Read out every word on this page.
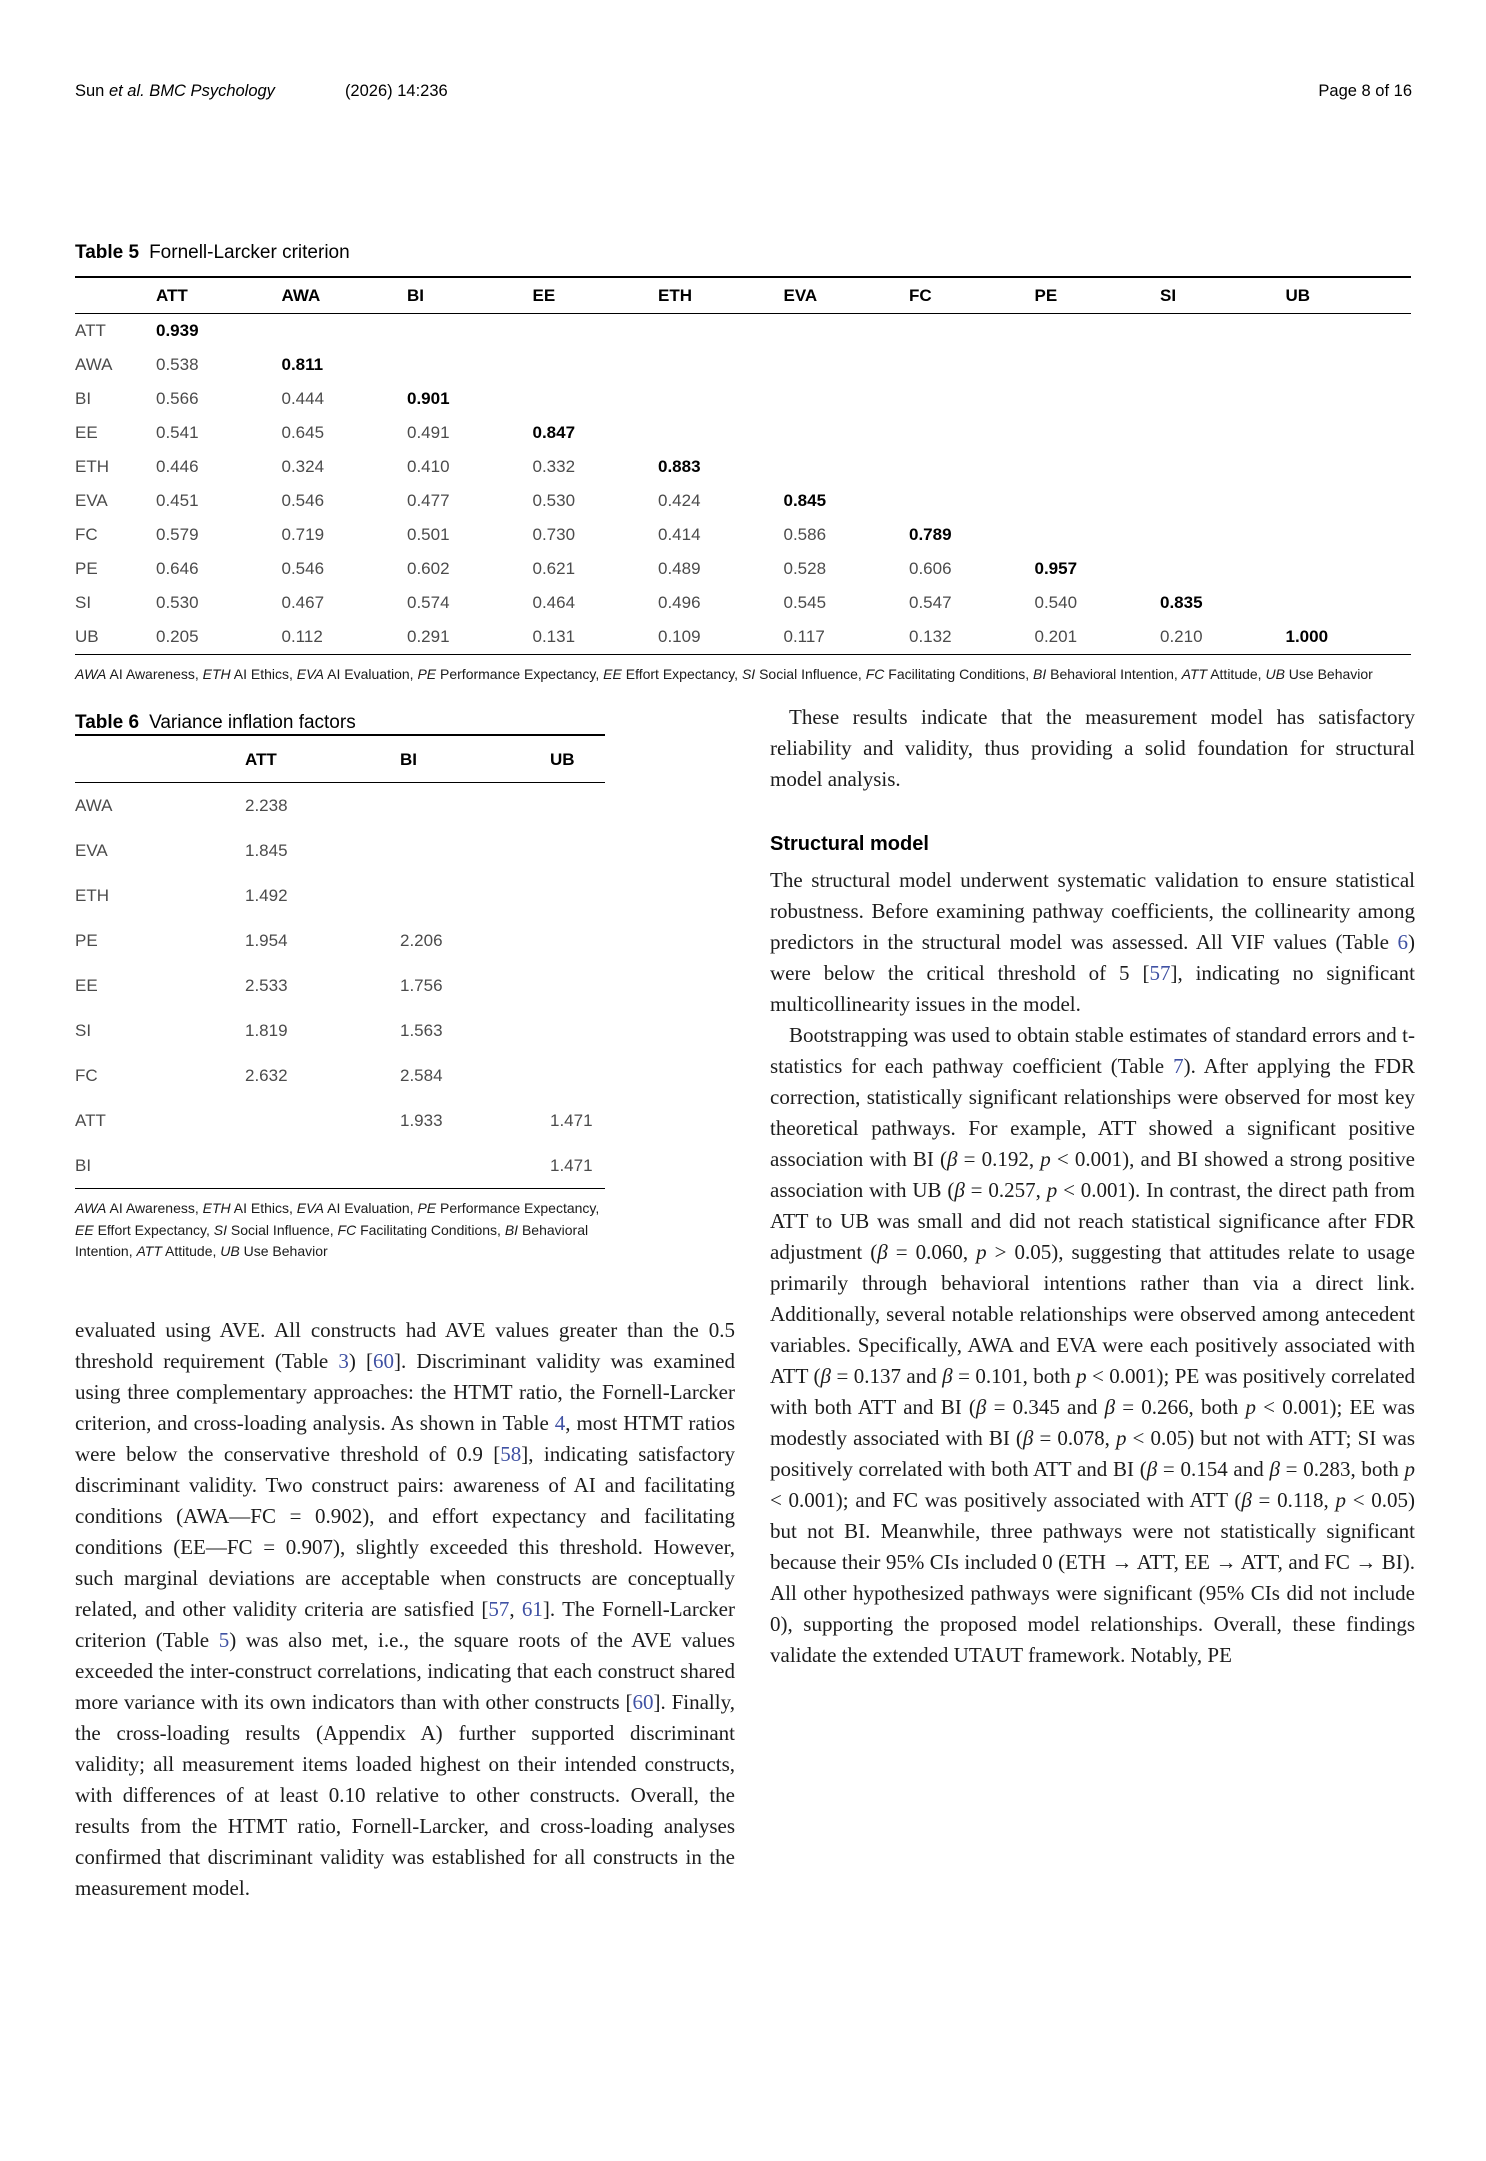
Sun et al. BMC Psychology	(2026) 14:236	Page 8 of 16

Table 5 Fornell-Larcker criterion

	ATT	AWA	BI	EE	ETH	EVA	FC	PE	SI	UB
ATT	0.939									
AWA	0.538	0.811								
BI	0.566	0.444	0.901							
EE	0.541	0.645	0.491	0.847						
ETH	0.446	0.324	0.410	0.332	0.883					
EVA	0.451	0.546	0.477	0.530	0.424	0.845				
FC	0.579	0.719	0.501	0.730	0.414	0.586	0.789			
PE	0.646	0.546	0.602	0.621	0.489	0.528	0.606	0.957		
SI	0.530	0.467	0.574	0.464	0.496	0.545	0.547	0.540	0.835	
UB	0.205	0.112	0.291	0.131	0.109	0.117	0.132	0.201	0.210	1.000
AWA AI Awareness, ETH AI Ethics, EVA AI Evaluation, PE Performance Expectancy, EE Effort Expectancy, SI Social Influence, FC Facilitating Conditions, BI Behavioral Intention, ATT Attitude, UB Use Behavior

Table 6 Variance inflation factors

	ATT	BI	UB
AWA	2.238		
EVA	1.845		
ETH	1.492		
PE	1.954	2.206	
EE	2.533	1.756	
SI	1.819	1.563	
FC	2.632	2.584	
ATT		1.933	1.471
BI			1.471
AWA AI Awareness, ETH AI Ethics, EVA AI Evaluation, PE Performance Expectancy, EE Effort Expectancy, SI Social Influence, FC Facilitating Conditions, BI Behavioral Intention, ATT Attitude, UB Use Behavior

evaluated using AVE. All constructs had AVE values greater than the 0.5 threshold requirement (Table 3) [60]. Discriminant validity was examined using three complementary approaches: the HTMT ratio, the Fornell-Larcker criterion, and cross-loading analysis. As shown in Table 4, most HTMT ratios were below the conservative threshold of 0.9 [58], indicating satisfactory discriminant validity. Two construct pairs: awareness of AI and facilitating conditions (AWA—FC = 0.902), and effort expectancy and facilitating conditions (EE—FC = 0.907), slightly exceeded this threshold. However, such marginal deviations are acceptable when constructs are conceptually related, and other validity criteria are satisfied [57, 61]. The Fornell-Larcker criterion (Table 5) was also met, i.e., the square roots of the AVE values exceeded the inter-construct correlations, indicating that each construct shared more variance with its own indicators than with other constructs [60]. Finally, the cross-loading results (Appendix A) further supported discriminant validity; all measurement items loaded highest on their intended constructs, with differences of at least 0.10 relative to other constructs. Overall, the results from the HTMT ratio, Fornell-Larcker, and cross-loading analyses confirmed that discriminant validity was established for all constructs in the measurement model.

These results indicate that the measurement model has satisfactory reliability and validity, thus providing a solid foundation for structural model analysis.

Structural model

The structural model underwent systematic validation to ensure statistical robustness. Before examining pathway coefficients, the collinearity among predictors in the structural model was assessed. All VIF values (Table 6) were below the critical threshold of 5 [57], indicating no significant multicollinearity issues in the model.

Bootstrapping was used to obtain stable estimates of standard errors and t-statistics for each pathway coefficient (Table 7). After applying the FDR correction, statistically significant relationships were observed for most key theoretical pathways. For example, ATT showed a significant positive association with BI (β = 0.192, p < 0.001), and BI showed a strong positive association with UB (β = 0.257, p < 0.001). In contrast, the direct path from ATT to UB was small and did not reach statistical significance after FDR adjustment (β = 0.060, p > 0.05), suggesting that attitudes relate to usage primarily through behavioral intentions rather than via a direct link. Additionally, several notable relationships were observed among antecedent variables. Specifically, AWA and EVA were each positively associated with ATT (β = 0.137 and β = 0.101, both p < 0.001); PE was positively correlated with both ATT and BI (β = 0.345 and β = 0.266, both p < 0.001); EE was modestly associated with BI (β = 0.078, p < 0.05) but not with ATT; SI was positively correlated with both ATT and BI (β = 0.154 and β = 0.283, both p < 0.001); and FC was positively associated with ATT (β = 0.118, p < 0.05) but not BI. Meanwhile, three pathways were not statistically significant because their 95% CIs included 0 (ETH → ATT, EE → ATT, and FC → BI). All other hypothesized pathways were significant (95% CIs did not include 0), supporting the proposed model relationships. Overall, these findings validate the extended UTAUT framework. Notably, PE
